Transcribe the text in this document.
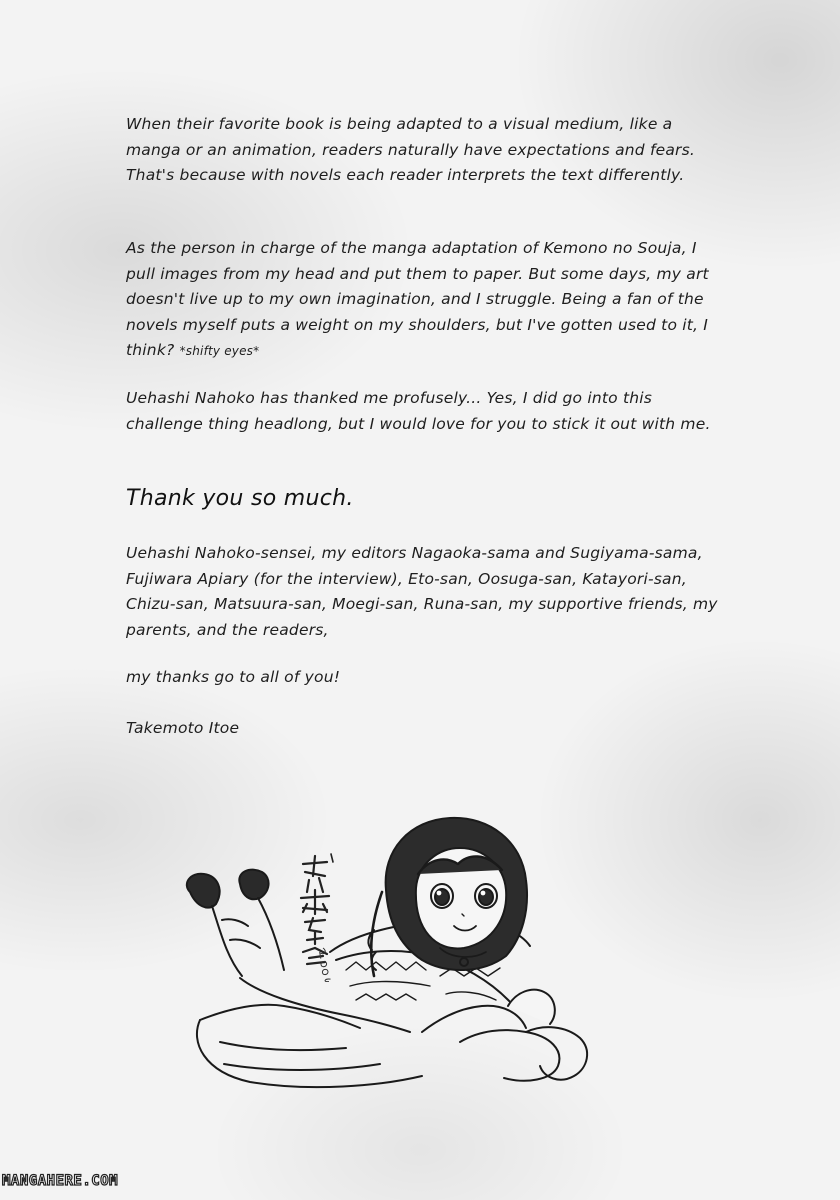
When their favorite book is being adapted to a visual medium, like a manga or an animation, readers naturally have expectations and fears. That's because with novels each reader interprets the text differently.
As the person in charge of the manga adaptation of Kemono no Souja, I pull images from my head and put them to paper. But some days, my art doesn't live up to my own imagination, and I struggle. Being a fan of the novels myself puts a weight on my shoulders, but I've gotten used to it, I think? *shifty eyes*
Uehashi Nahoko has thanked me profusely... Yes, I did go into this challenge thing headlong, but I would love for you to stick it out with me.
Thank you so much.
Uehashi Nahoko-sensei, my editors Nagaoka-sama and Sugiyama-sama, Fujiwara Apiary (for the interview), Eto-san, Oosuga-san, Katayori-san, Chizu-san, Matsuura-san, Moegi-san, Runa-san, my supportive friends, my parents, and the readers,
my thanks go to all of you!
Takemoto Itoe
MANGAHERE.COM
